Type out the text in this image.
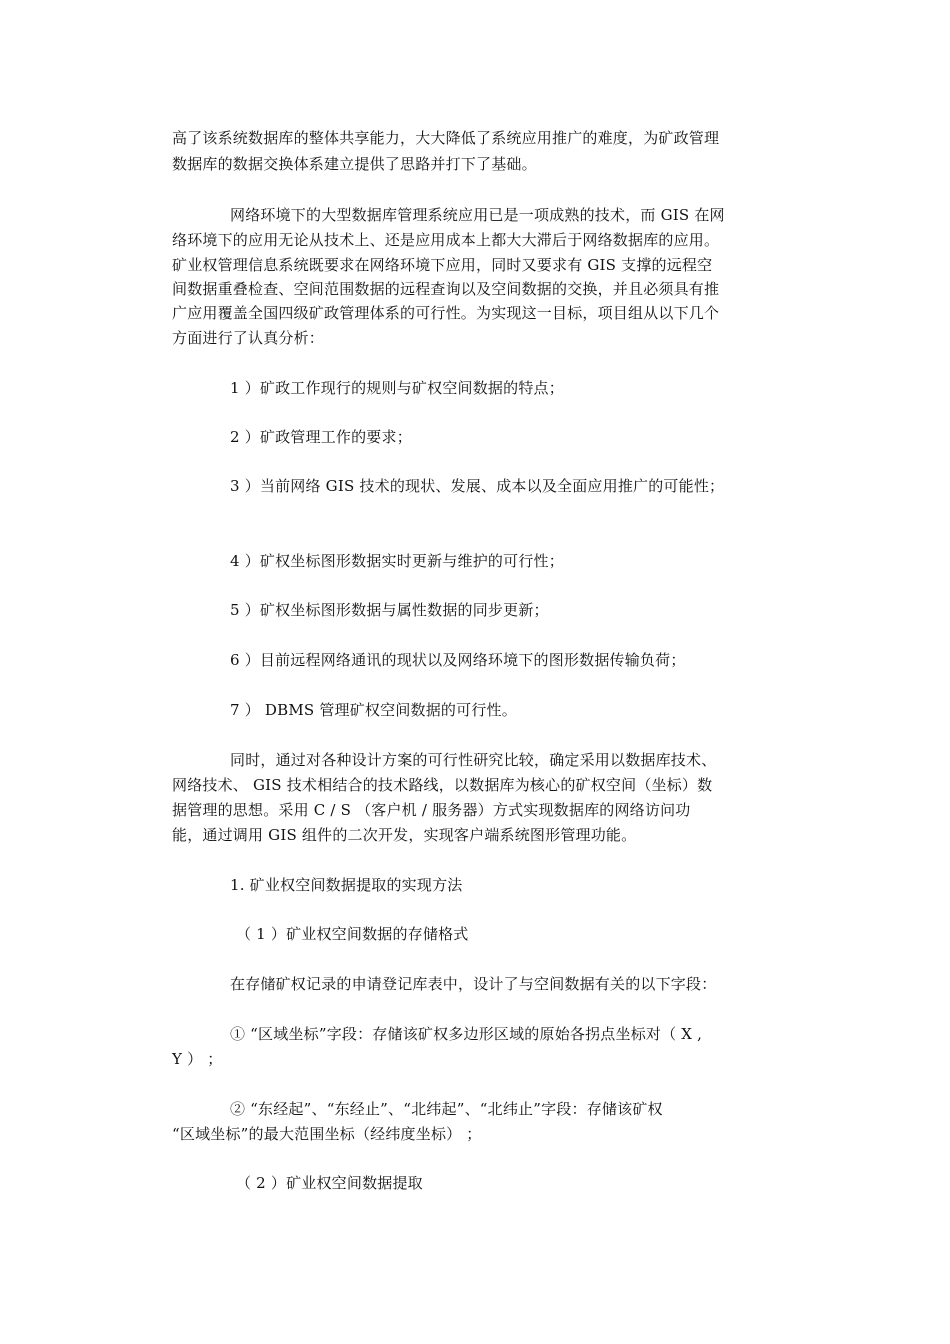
高了该系统数据库的整体共享能力，大大降低了系统应用推广的难度，为矿政管理
数据库的数据交换体系建立提供了思路并打下了基础。
网络环境下的大型数据库管理系统应用已是一项成熟的技术，而 GIS 在网
络环境下的应用无论从技术上、还是应用成本上都大大滞后于网络数据库的应用。
矿业权管理信息系统既要求在网络环境下应用，同时又要求有 GIS 支撑的远程空
间数据重叠检查、空间范围数据的远程查询以及空间数据的交换，并且必须具有推
广应用覆盖全国四级矿政管理体系的可行性。为实现这一目标，项目组从以下几个
方面进行了认真分析：
1 ）矿政工作现行的规则与矿权空间数据的特点；
2 ）矿政管理工作的要求；
3 ）当前网络 GIS 技术的现状、发展、成本以及全面应用推广的可能性；
4 ）矿权坐标图形数据实时更新与维护的可行性；
5 ）矿权坐标图形数据与属性数据的同步更新；
6 ）目前远程网络通讯的现状以及网络环境下的图形数据传输负荷；
7 ） DBMS 管理矿权空间数据的可行性。
同时，通过对各种设计方案的可行性研究比较，确定采用以数据库技术、
网络技术、 GIS 技术相结合的技术路线，以数据库为核心的矿权空间（坐标）数
据管理的思想。采用 C / S （客户机 / 服务器）方式实现数据库的网络访问功
能，通过调用 GIS 组件的二次开发，实现客户端系统图形管理功能。
1. 矿业权空间数据提取的实现方法
（ 1 ）矿业权空间数据的存储格式
在存储矿权记录的申请登记库表中，设计了与空间数据有关的以下字段：
① “区域坐标”字段：存储该矿权多边形区域的原始各拐点坐标对（ X ,
Y ） ；
② “东经起”、“东经止”、“北纬起”、“北纬止”字段：存储该矿权
“区域坐标”的最大范围坐标（经纬度坐标） ；
（ 2 ）矿业权空间数据提取
